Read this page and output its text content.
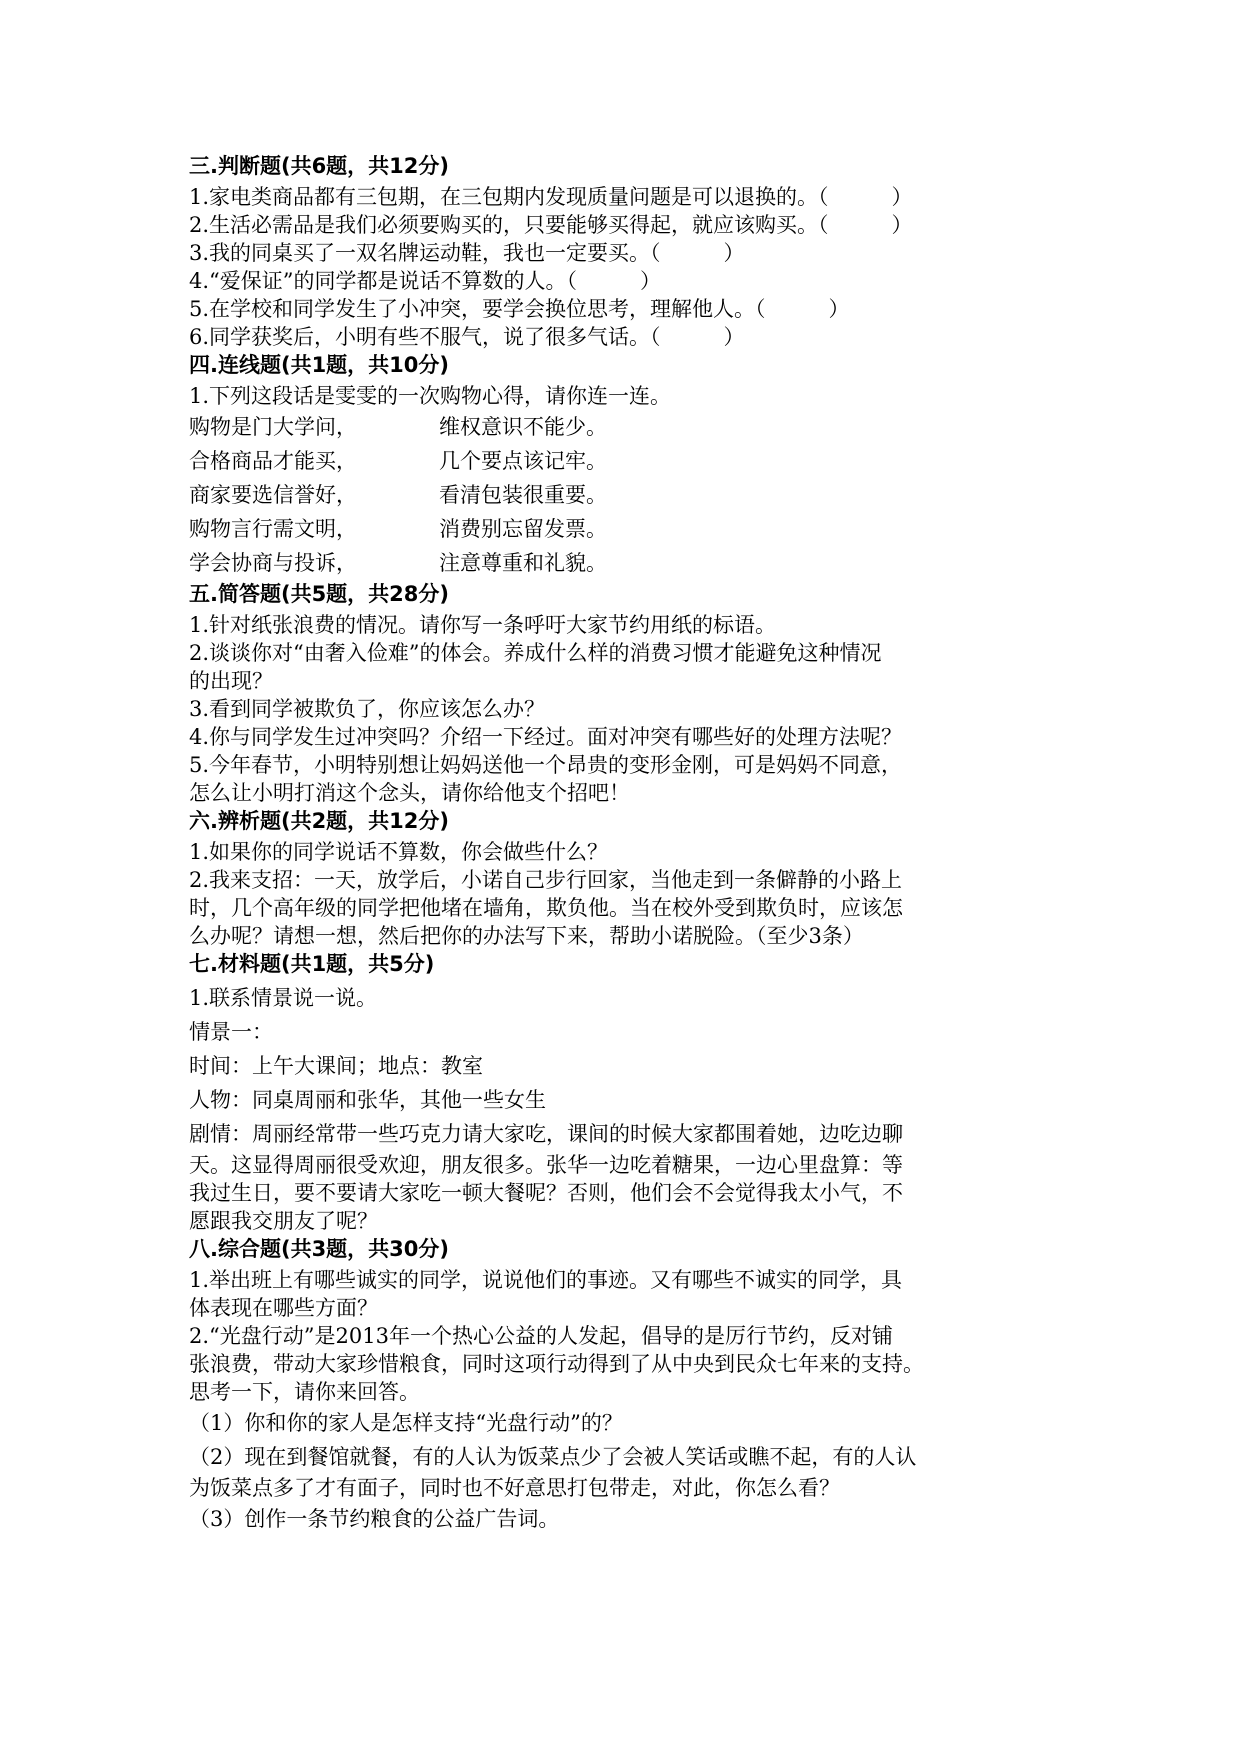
三.判断题(共6题，共12分)
1.家电类商品都有三包期，在三包期内发现质量问题是可以退换的。（　　　）
2.生活必需品是我们必须要购买的，只要能够买得起，就应该购买。（　　　）
3.我的同桌买了一双名牌运动鞋，我也一定要买。（　　　）
4.“爱保证”的同学都是说话不算数的人。（　　　）
5.在学校和同学发生了小冲突，要学会换位思考，理解他人。（　　　）
6.同学获奖后，小明有些不服气，说了很多气话。（　　　）
四.连线题(共1题，共10分)
1.下列这段话是雯雯的一次购物心得，请你连一连。
购物是门大学问，	维权意识不能少。
合格商品才能买，	几个要点该记牢。
商家要选信誉好，	看清包装很重要。
购物言行需文明，	消费别忘留发票。
学会协商与投诉，	注意尊重和礼貌。
五.简答题(共5题，共28分)
1.针对纸张浪费的情况。请你写一条呼吁大家节约用纸的标语。
2.谈谈你对“由奢入俭难”的体会。养成什么样的消费习惯才能避免这种情况
的出现？
3.看到同学被欺负了，你应该怎么办？
4.你与同学发生过冲突吗？介绍一下经过。面对冲突有哪些好的处理方法呢？
5.今年春节，小明特别想让妈妈送他一个昂贵的变形金刚，可是妈妈不同意，
怎么让小明打消这个念头，请你给他支个招吧！
六.辨析题(共2题，共12分)
1.如果你的同学说话不算数，你会做些什么？
2.我来支招：一天，放学后，小诺自己步行回家，当他走到一条僻静的小路上
时，几个高年级的同学把他堵在墙角，欺负他。当在校外受到欺负时，应该怎
么办呢？请想一想，然后把你的办法写下来，帮助小诺脱险。（至少3条）
七.材料题(共1题，共5分)
1.联系情景说一说。
情景一：
时间：上午大课间；地点：教室
人物：同桌周丽和张华，其他一些女生
剧情：周丽经常带一些巧克力请大家吃，课间的时候大家都围着她，边吃边聊
天。这显得周丽很受欢迎，朋友很多。张华一边吃着糖果，一边心里盘算：等
我过生日，要不要请大家吃一顿大餐呢？否则，他们会不会觉得我太小气，不
愿跟我交朋友了呢？
八.综合题(共3题，共30分)
1.举出班上有哪些诚实的同学，说说他们的事迹。又有哪些不诚实的同学，具
体表现在哪些方面？
2.“光盘行动”是2013年一个热心公益的人发起，倡导的是厉行节约，反对铺
张浪费，带动大家珍惜粮食，同时这项行动得到了从中央到民众七年来的支持。
思考一下，请你来回答。
（1）你和你的家人是怎样支持“光盘行动”的？
（2）现在到餐馆就餐，有的人认为饭菜点少了会被人笑话或瞧不起，有的人认
为饭菜点多了才有面子，同时也不好意思打包带走，对此，你怎么看？
（3）创作一条节约粮食的公益广告词。
